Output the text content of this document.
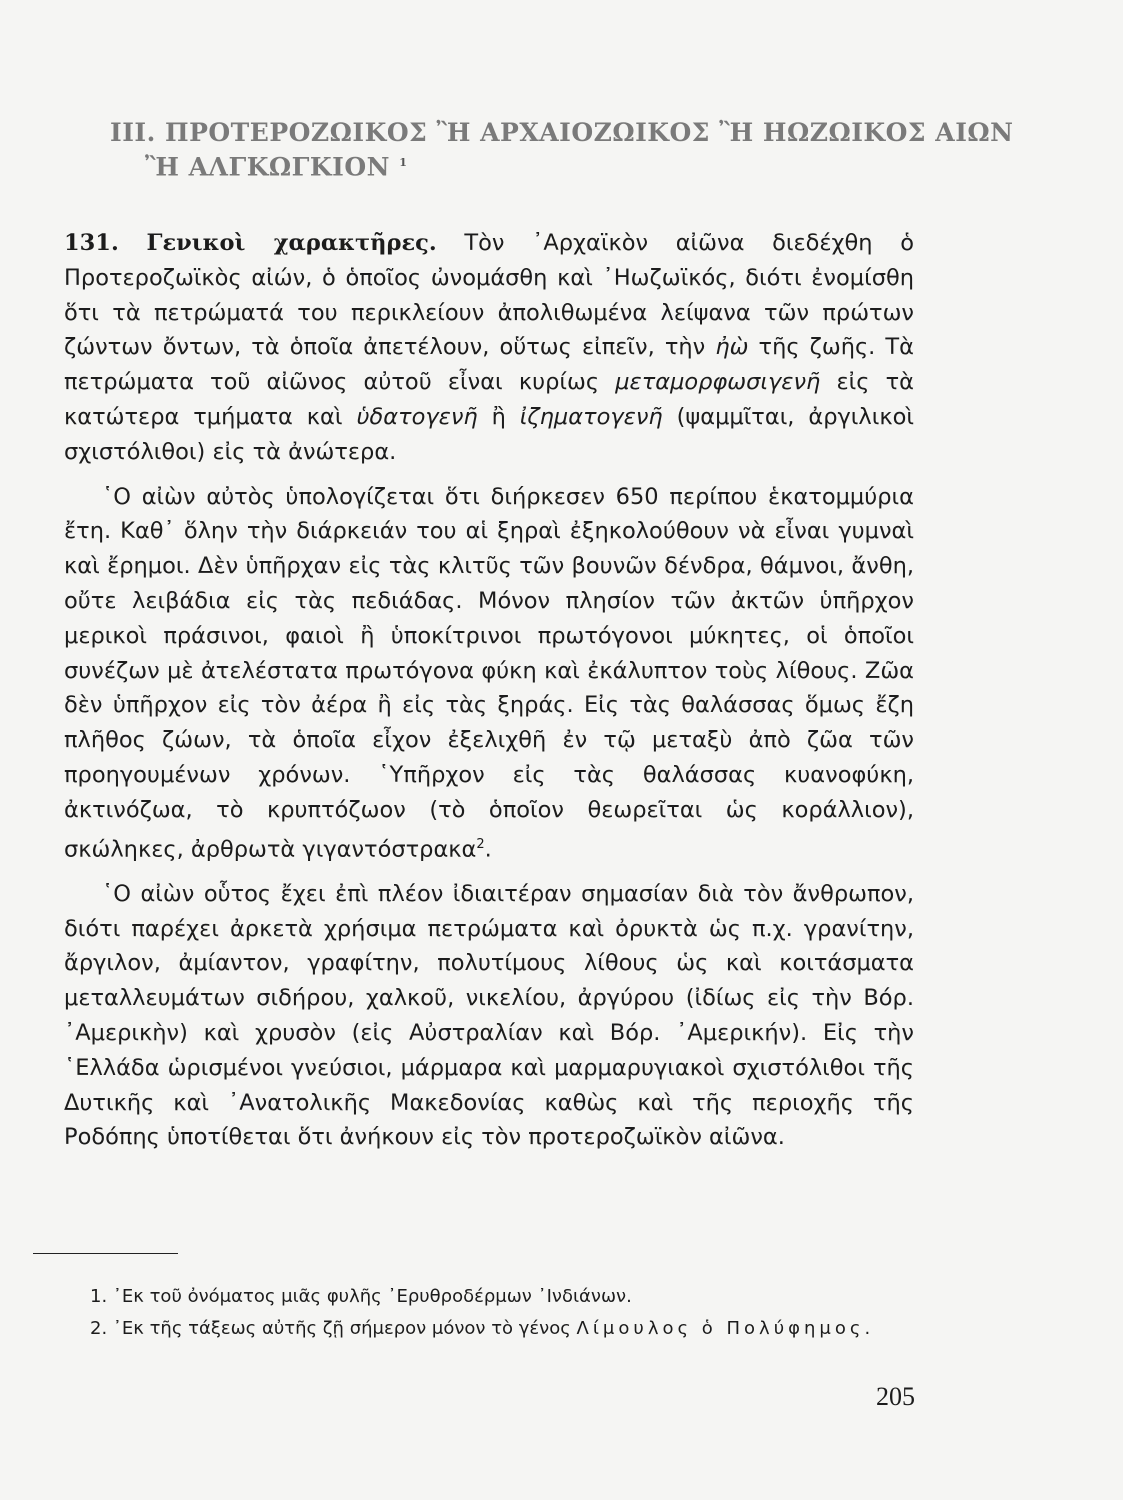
III. ΠΡΟΤΕΡΟΖΩΙΚΟΣ Ἢ ΑΡΧΑΙΟΖΩΙΚΟΣ Ἢ ΗΩΖΩΙΚΟΣ ΑΙΩΝ
Ἢ ΑΛΓΚΩΓΚΙΟΝ $^1$

131. Γενικοὶ χαρακτῆρες. Τὸν ᾿Αρχαϊκὸν αἰῶνα διεδέχθη ὁ Προτεροζωϊκὸς αἰών, ὁ ὁποῖος ὠνομάσθη καὶ ᾿Ηωζωϊκός, διότι ἐνομίσθη ὅτι τὰ πετρώματά του περικλείουν ἀπολιθωμένα λείψανα τῶν πρώτων ζώντων ὄντων, τὰ ὁποῖα ἀπετέλουν, οὕτως εἰπεῖν, τὴν ἠὼ τῆς ζωῆς. Τὰ πετρώματα τοῦ αἰῶνος αὐτοῦ εἶναι κυρίως μεταμορφωσιγενῆ εἰς τὰ κατώτερα τμήματα καὶ ὑδατογενῆ ἢ ἰζηματογενῆ (ψαμμῖται, ἀργιλικοὶ σχιστόλιθοι) εἰς τὰ ἀνώτερα.

῾Ο αἰὼν αὐτὸς ὑπολογίζεται ὅτι διήρκεσεν 650 περίπου ἑκατομμύρια ἔτη. Καθ᾿ ὅλην τὴν διάρκειάν του αἱ ξηραὶ ἐξηκολούθουν νὰ εἶναι γυμναὶ καὶ ἔρημοι. Δὲν ὑπῆρχαν εἰς τὰς κλιτῦς τῶν βουνῶν δένδρα, θάμνοι, ἄνθη, οὔτε λειβάδια εἰς τὰς πεδιάδας. Μόνον πλησίον τῶν ἀκτῶν ὑπῆρχον μερικοὶ πράσινοι, φαιοὶ ἢ ὑποκίτρινοι πρωτόγονοι μύκητες, οἱ ὁποῖοι συνέζων μὲ ἀτελέστατα πρωτόγονα φύκη καὶ ἐκάλυπτον τοὺς λίθους. Ζῶα δὲν ὑπῆρχον εἰς τὸν ἀέρα ἢ εἰς τὰς ξηράς. Εἰς τὰς θαλάσσας ὅμως ἔζη πλῆθος ζώων, τὰ ὁποῖα εἶχον ἐξελιχθῆ ἐν τῷ μεταξὺ ἀπὸ ζῶα τῶν προηγουμένων χρόνων. ῾Υπῆρχον εἰς τὰς θαλάσσας κυανοφύκη, ἀκτινόζωα, τὸ κρυπτόζωον (τὸ ὁποῖον θεωρεῖται ὡς κοράλλιον), σκώληκες, ἀρθρωτὰ γιγαντόστρακα$^2$.

῾Ο αἰὼν οὗτος ἔχει ἐπὶ πλέον ἰδιαιτέραν σημασίαν διὰ τὸν ἄνθρωπον, διότι παρέχει ἀρκετὰ χρήσιμα πετρώματα καὶ ὀρυκτὰ ὡς π.χ. γρανίτην, ἄργιλον, ἀμίαντον, γραφίτην, πολυτίμους λίθους ὡς καὶ κοιτάσματα μεταλλευμάτων σιδήρου, χαλκοῦ, νικελίου, ἀργύρου (ἰδίως εἰς τὴν Βόρ. ᾿Αμερικὴν) καὶ χρυσὸν (εἰς Αὐστραλίαν καὶ Βόρ. ᾿Αμερικήν). Εἰς τὴν ῾Ελλάδα ὡρισμένοι γνεύσιοι, μάρμαρα καὶ μαρμαρυγιακοὶ σχιστόλιθοι τῆς Δυτικῆς καὶ ᾿Ανατολικῆς Μακεδονίας καθὼς καὶ τῆς περιοχῆς τῆς Ροδόπης ὑποτίθεται ὅτι ἀνήκουν εἰς τὸν προτεροζωϊκὸν αἰῶνα.

1. ᾿Εκ τοῦ ὀνόματος μιᾶς φυλῆς ᾿Ερυθροδέρμων ᾿Ινδιάνων.
2. ᾿Εκ τῆς τάξεως αὐτῆς ζῇ σήμερον μόνον τὸ γένος Λίμουλος ὁ Πολύφημος.
205
